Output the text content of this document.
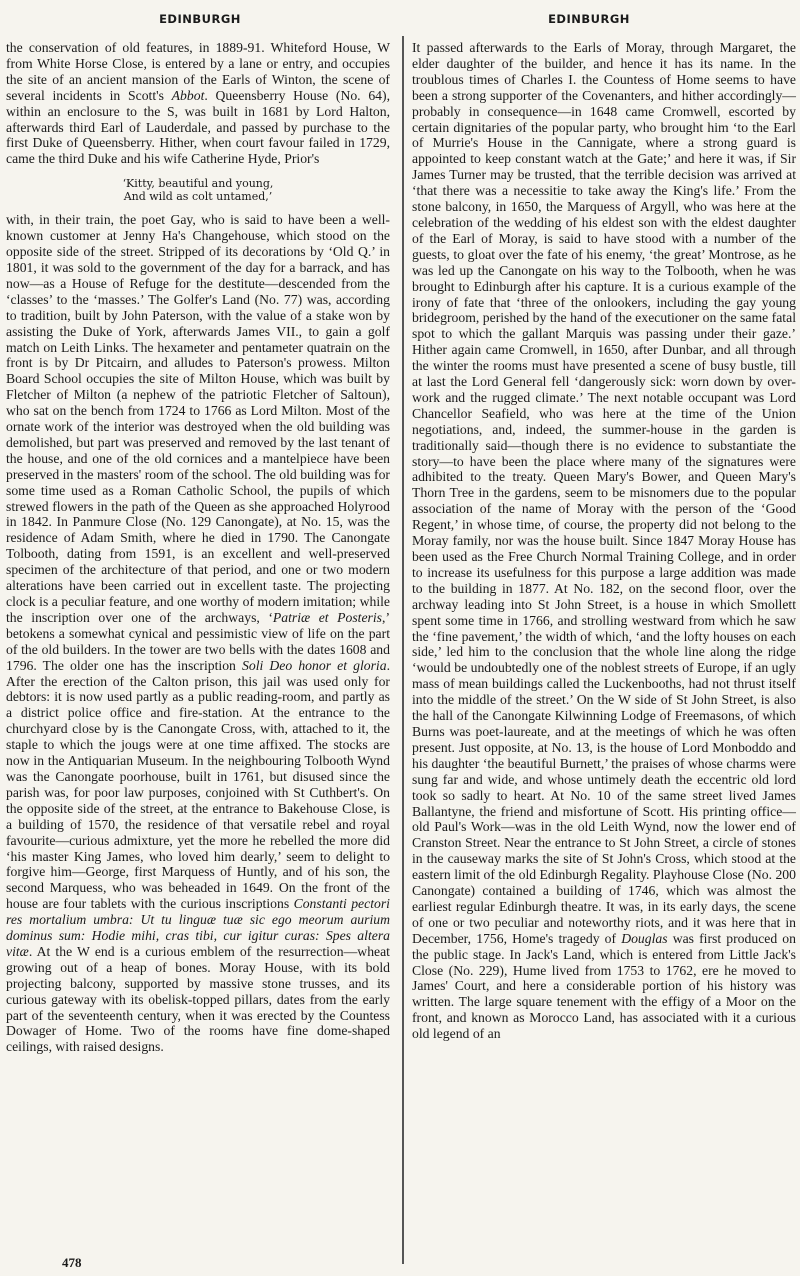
EDINBURGH	EDINBURGH

the conservation of old features, in 1889-91. Whiteford House, W from White Horse Close, is entered by a lane or entry, and occupies the site of an ancient mansion of the Earls of Winton, the scene of several incidents in Scott's Abbot. Queensberry House (No. 64), within an enclosure to the S, was built in 1681 by Lord Halton, afterwards third Earl of Lauderdale, and passed by purchase to the first Duke of Queensberry. Hither, when court favour failed in 1729, came the third Duke and his wife Catherine Hyde, Prior's

‘Kitty, beautiful and young,
And wild as colt untamed,’

with, in their train, the poet Gay, who is said to have been a well-known customer at Jenny Ha's Changehouse, which stood on the opposite side of the street. Stripped of its decorations by ‘Old Q.’ in 1801, it was sold to the government of the day for a barrack, and has now—as a House of Refuge for the destitute—descended from the ‘classes’ to the ‘masses.’ The Golfer's Land (No. 77) was, according to tradition, built by John Paterson, with the value of a stake won by assisting the Duke of York, afterwards James VII., to gain a golf match on Leith Links. The hexameter and pentameter quatrain on the front is by Dr Pitcairn, and alludes to Paterson's prowess. Milton Board School occupies the site of Milton House, which was built by Fletcher of Milton (a nephew of the patriotic Fletcher of Saltoun), who sat on the bench from 1724 to 1766 as Lord Milton. Most of the ornate work of the interior was destroyed when the old building was demolished, but part was preserved and removed by the last tenant of the house, and one of the old cornices and a mantelpiece have been preserved in the masters' room of the school. The old building was for some time used as a Roman Catholic School, the pupils of which strewed flowers in the path of the Queen as she approached Holyrood in 1842. In Panmure Close (No. 129 Canongate), at No. 15, was the residence of Adam Smith, where he died in 1790. The Canongate Tolbooth, dating from 1591, is an excellent and well-preserved specimen of the architecture of that period, and one or two modern alterations have been carried out in excellent taste. The projecting clock is a peculiar feature, and one worthy of modern imitation; while the inscription over one of the archways, ‘Patriæ et Posteris,’ betokens a somewhat cynical and pessimistic view of life on the part of the old builders. In the tower are two bells with the dates 1608 and 1796. The older one has the inscription Soli Deo honor et gloria. After the erection of the Calton prison, this jail was used only for debtors: it is now used partly as a public reading-room, and partly as a district police office and fire-station. At the entrance to the churchyard close by is the Canongate Cross, with, attached to it, the staple to which the jougs were at one time affixed. The stocks are now in the Antiquarian Museum. In the neighbouring Tolbooth Wynd was the Canongate poorhouse, built in 1761, but disused since the parish was, for poor law purposes, conjoined with St Cuthbert's. On the opposite side of the street, at the entrance to Bakehouse Close, is a building of 1570, the residence of that versatile rebel and royal favourite—curious admixture, yet the more he rebelled the more did ‘his master King James, who loved him dearly,’ seem to delight to forgive him—George, first Marquess of Huntly, and of his son, the second Marquess, who was beheaded in 1649. On the front of the house are four tablets with the curious inscriptions Constanti pectori res mortalium umbra: Ut tu linguæ tuæ sic ego meorum aurium dominus sum: Hodie mihi, cras tibi, cur igitur curas: Spes altera vitæ. At the W end is a curious emblem of the resurrection—wheat growing out of a heap of bones. Moray House, with its bold projecting balcony, supported by massive stone trusses, and its curious gateway with its obelisk-topped pillars, dates from the early part of the seventeenth century, when it was erected by the Countess Dowager of Home. Two of the rooms have fine dome-shaped ceilings, with raised designs.

It passed afterwards to the Earls of Moray, through Margaret, the elder daughter of the builder, and hence it has its name. In the troublous times of Charles I. the Countess of Home seems to have been a strong supporter of the Covenanters, and hither accordingly—probably in consequence—in 1648 came Cromwell, escorted by certain dignitaries of the popular party, who brought him ‘to the Earl of Murrie's House in the Cannigate, where a strong guard is appointed to keep constant watch at the Gate;’ and here it was, if Sir James Turner may be trusted, that the terrible decision was arrived at ‘that there was a necessitie to take away the King's life.’ From the stone balcony, in 1650, the Marquess of Argyll, who was here at the celebration of the wedding of his eldest son with the eldest daughter of the Earl of Moray, is said to have stood with a number of the guests, to gloat over the fate of his enemy, ‘the great’ Montrose, as he was led up the Canongate on his way to the Tolbooth, when he was brought to Edinburgh after his capture. It is a curious example of the irony of fate that ‘three of the onlookers, including the gay young bridegroom, perished by the hand of the executioner on the same fatal spot to which the gallant Marquis was passing under their gaze.’ Hither again came Cromwell, in 1650, after Dunbar, and all through the winter the rooms must have presented a scene of busy bustle, till at last the Lord General fell ‘dangerously sick: worn down by over-work and the rugged climate.’ The next notable occupant was Lord Chancellor Seafield, who was here at the time of the Union negotiations, and, indeed, the summer-house in the garden is traditionally said—though there is no evidence to substantiate the story—to have been the place where many of the signatures were adhibited to the treaty. Queen Mary's Bower, and Queen Mary's Thorn Tree in the gardens, seem to be misnomers due to the popular association of the name of Moray with the person of the ‘Good Regent,’ in whose time, of course, the property did not belong to the Moray family, nor was the house built. Since 1847 Moray House has been used as the Free Church Normal Training College, and in order to increase its usefulness for this purpose a large addition was made to the building in 1877. At No. 182, on the second floor, over the archway leading into St John Street, is a house in which Smollett spent some time in 1766, and strolling westward from which he saw the ‘fine pavement,’ the width of which, ‘and the lofty houses on each side,’ led him to the conclusion that the whole line along the ridge ‘would be undoubtedly one of the noblest streets of Europe, if an ugly mass of mean buildings called the Luckenbooths, had not thrust itself into the middle of the street.’ On the W side of St John Street, is also the hall of the Canongate Kilwinning Lodge of Freemasons, of which Burns was poet-laureate, and at the meetings of which he was often present. Just opposite, at No. 13, is the house of Lord Monboddo and his daughter ‘the beautiful Burnett,’ the praises of whose charms were sung far and wide, and whose untimely death the eccentric old lord took so sadly to heart. At No. 10 of the same street lived James Ballantyne, the friend and misfortune of Scott. His printing office—old Paul's Work—was in the old Leith Wynd, now the lower end of Cranston Street. Near the entrance to St John Street, a circle of stones in the causeway marks the site of St John's Cross, which stood at the eastern limit of the old Edinburgh Regality. Playhouse Close (No. 200 Canongate) contained a building of 1746, which was almost the earliest regular Edinburgh theatre. It was, in its early days, the scene of one or two peculiar and noteworthy riots, and it was here that in December, 1756, Home's tragedy of Douglas was first produced on the public stage. In Jack's Land, which is entered from Little Jack's Close (No. 229), Hume lived from 1753 to 1762, ere he moved to James' Court, and here a considerable portion of his history was written. The large square tenement with the effigy of a Moor on the front, and known as Morocco Land, has associated with it a curious old legend of an

478
